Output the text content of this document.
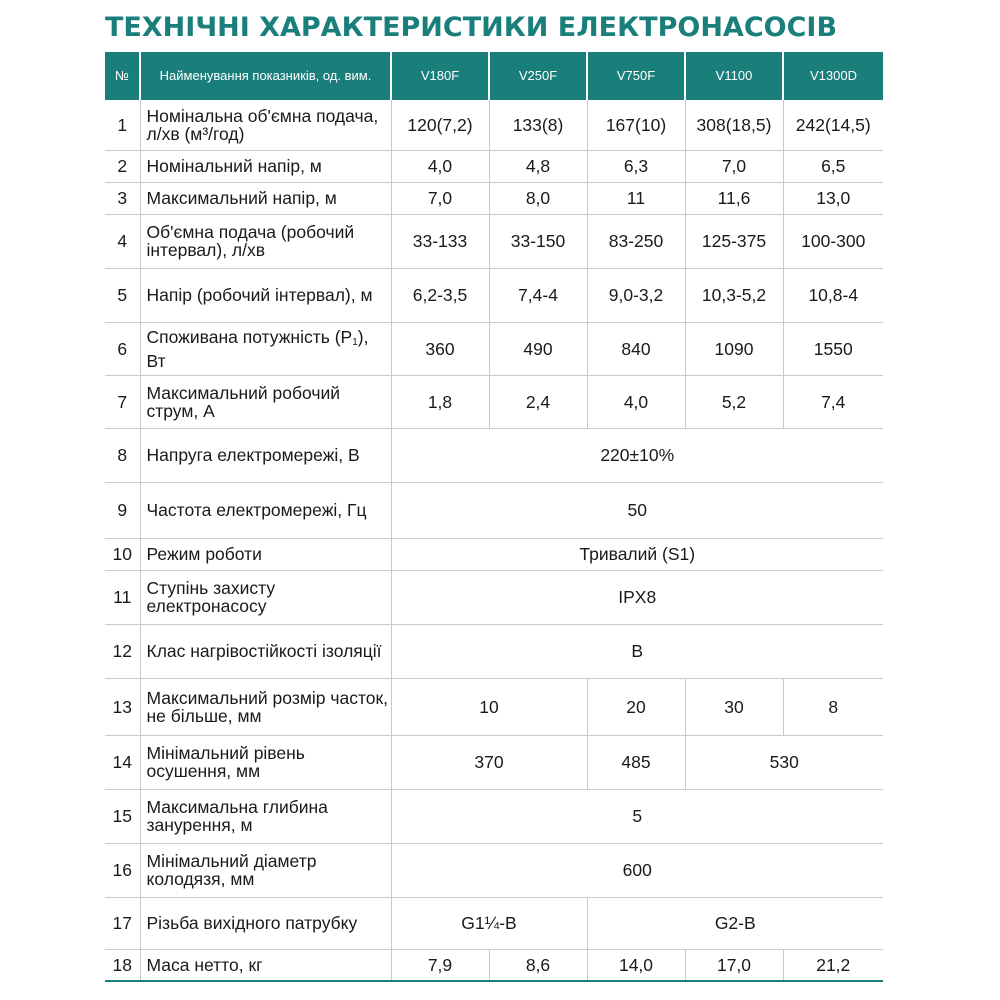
ТЕХНІЧНІ ХАРАКТЕРИСТИКИ ЕЛЕКТРОНАСОСІВ
№	Найменування показників, од. вим.	V180F	V250F	V750F	V1100	V1300D
1	Номінальна об'ємна подача, л/хв (м³/год)	120(7,2)	133(8)	167(10)	308(18,5)	242(14,5)
2	Номінальний напір, м	4,0	4,8	6,3	7,0	6,5
3	Максимальний напір, м	7,0	8,0	11	11,6	13,0
4	Об'ємна подача (робочий інтервал), л/хв	33-133	33-150	83-250	125-375	100-300
5	Напір (робочий інтервал), м	6,2-3,5	7,4-4	9,0-3,2	10,3-5,2	10,8-4
6	Споживана потужність $(P_1)$, Вт	360	490	840	1090	1550
7	Максимальний робочий струм, А	1,8	2,4	4,0	5,2	7,4
8	Напруга електромережі, В	220±10%				
9	Частота електромережі, Гц	50				
10	Режим роботи	Тривалий (S1)				
11	Ступінь захисту електронасосу	IPX8				
12	Клас нагрівостійкості ізоляції	B				
13	Максимальний розмір часток, не більше, мм	10		20	30	8
14	Мінімальний рівень осушення, мм	370		485	530	
15	Максимальна глибина занурення, м	5				
16	Мінімальний діаметр колодязя, мм	600				
17	Різьба вихідного патрубку	G1¼-B		G2-B		
18	Маса нетто, кг	7,9	8,6	14,0	17,0	21,2
